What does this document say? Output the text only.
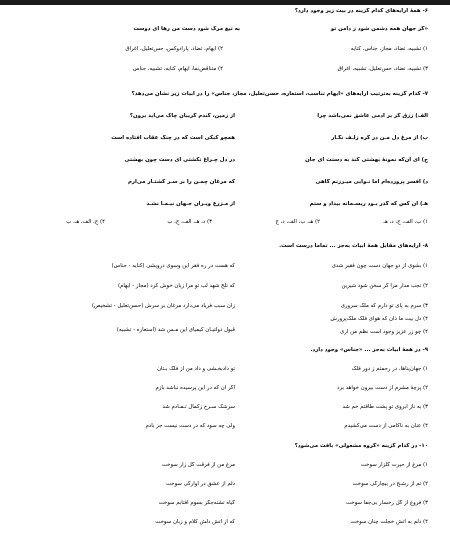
۶- همهٔ آرایه‌های کدام گزینه در بیت زیر وجود دارد؟
«گر جهان همه دشمن شود ز دامن تو
به تیغ مرگ شود دست من رها ای دوست
۱) تشبیه، تضاد، مجاز، جناس، کنایه
۲) ایهام، تضاد، پارادوکس، حس‌تعلیل، اغراق
۳) تشبیه، تضاد، حس‌تعلیل، تشبیه، اغراق
۴) متناقض‌نما، ایهام، کنایه، تشبیه، جناس
۷- کدام گزینه به‌ترتیب آرایه‌های «ایهام تناسب، استعاره، حسن‌تعلیل، مجاز، جناس» را در ابیات زیر نشان می‌دهد؟
الف) ززق گر بر آدمی عاشق نمی‌باشد چرا
از زمین، گندم گریبان چاک می‌آید برون؟
ب) از مرغ دل مـن در گره زلـف نگـار
همچو کبکی است که در چنگ عقاب افتاده است
ج) ای آن‌که نمونهٔ بهشتی کند به دستت ای جان
در دل چـراغ نکشتی ای دست چون بهشتی
د) افسر پرورده‌ام اما نـوایی میـرزنم گاهی
که مرغان چمـن را بر سـر گشتـار می‌آرم
هـ) آن کس که گذر بـود ریسـمانه بیداد و ستم
از مـزرع ویـران جـهان نیـمـا نشـد
۱) ب، الف، ج، د، هـ
۲) هـ، ب، الف، د، ج
۳) د، هـ، الف، ج، ب
۴) ج، الف، هـ، ب
۸- آرایه‌های مقابل همهٔ ابیات به‌جز ... تماماً درست است.
۱) بشوی از دو جهان دست چون فقیر شدی
که هست در ره فقر این وسوی درویشی (کنایه - جناس)
۲) نجب مدار مرا گر سخن شود شیرین
که تلخ شهد لب تو مرا زبان خوش کرد (مجاز - ایهام)
۳) سرم به پای تو دارم که ملک سروری
زان سبب فریاد می‌دارد مرغان بر سرش (حسن‌تعلیل - تشخیص)
۴) دل بیت ما ذان که هوای فلک ملک‌پرورش
۴) چو زر عزیز وجود است نظم من آری
قبول دولتیـان کیمیای این مـس شد (استعاره - تشبیه)
۹- در همهٔ ابیات به‌جز ... «جناس» وجود دارد.
۱) جهان‌پناها، در رحمتم ز دور فلک
تو دادبخـشی و داد من از فلک بـتان
۲) پرچهٔ مشرم از دست بیرون خواهد برد
اگر آن که در این پرسیده نباشد بازم
۳) به ناز ابروی تو پشت طاقتم خم شد
سرشک سـرخ زکمال تـمـادم شد
۴) عنان به ناکامی از دست می‌کشیدم
ولی چه سود که در دست نیست جز بادم
۱۰- در کدام گزینه «گروه مشعولی» بافت می‌شود؟
۱) مرغ از حیرت گلزار سوخت
مرغ من از فرقت گل زار سوخت
۲) تم از رشـح در بیچارگی سوخت
دلم از عشق در آوارگی سوخت
۳) فروغ از گل رخسار بی‌جفا سوخت
گیاه تشنه‌جگر بسوم آفتابم سوخت
۴) دلم به آتش خجلت چنان سوخت
که از آتش دلش کلام و زبان سوخت
